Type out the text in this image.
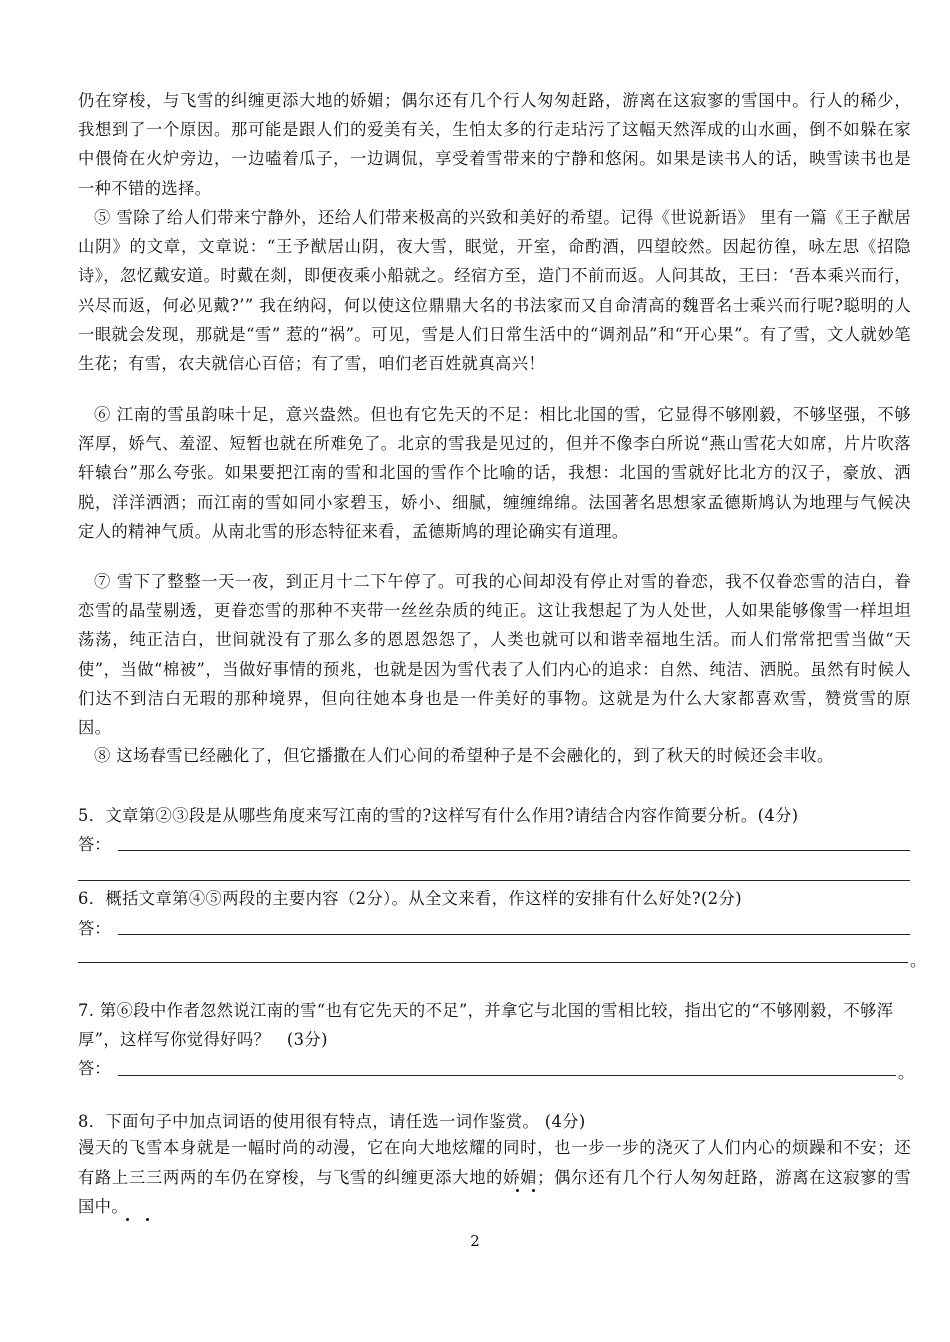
仍在穿梭，与飞雪的纠缠更添大地的娇媚；偶尔还有几个行人匆匆赶路，游离在这寂寥的雪国中。行人的稀少，我想到了一个原因。那可能是跟人们的爱美有关，生怕太多的行走玷污了这幅天然浑成的山水画，倒不如躲在家中偎倚在火炉旁边，一边嗑着瓜子，一边调侃，享受着雪带来的宁静和悠闲。如果是读书人的话，映雪读书也是一种不错的选择。

⑤ 雪除了给人们带来宁静外，还给人们带来极高的兴致和美好的希望。记得《世说新语》 里有一篇《王子猷居山阴》的文章，文章说：“王予猷居山阴，夜大雪，眠觉，开室，命酌酒，四望皎然。因起彷徨，咏左思《招隐诗》，忽忆戴安道。时戴在剡，即便夜乘小船就之。经宿方至，造门不前而返。人问其故，王曰：‘吾本乘兴而行，兴尽而返，何必见戴?’” 我在纳闷，何以使这位鼎鼎大名的书法家而又自命清高的魏晋名士乘兴而行呢?聪明的人一眼就会发现，那就是“雪” 惹的“祸”。可见，雪是人们日常生活中的“调剂品”和“开心果”。有了雪，文人就妙笔生花；有雪，农夫就信心百倍；有了雪，咱们老百姓就真高兴！

⑥ 江南的雪虽韵味十足，意兴盎然。但也有它先天的不足：相比北国的雪，它显得不够刚毅，不够坚强，不够浑厚，娇气、羞涩、短暂也就在所难免了。北京的雪我是见过的，但并不像李白所说“燕山雪花大如席，片片吹落轩辕台”那么夸张。如果要把江南的雪和北国的雪作个比喻的话，我想：北国的雪就好比北方的汉子，豪放、洒脱，洋洋洒洒；而江南的雪如同小家碧玉，娇小、细腻，缠缠绵绵。法国著名思想家孟德斯鸠认为地理与气候决定人的精神气质。从南北雪的形态特征来看，孟德斯鸠的理论确实有道理。

⑦ 雪下了整整一天一夜，到正月十二下午停了。可我的心间却没有停止对雪的眷恋，我不仅眷恋雪的洁白，眷恋雪的晶莹剔透，更眷恋雪的那种不夹带一丝丝杂质的纯正。这让我想起了为人处世，人如果能够像雪一样坦坦荡荡，纯正洁白，世间就没有了那么多的恩恩怨怨了，人类也就可以和谐幸福地生活。而人们常常把雪当做“天使”，当做“棉被”，当做好事情的预兆，也就是因为雪代表了人们内心的追求：自然、纯洁、洒脱。虽然有时候人们达不到洁白无瑕的那种境界，但向往她本身也是一件美好的事物。这就是为什么大家都喜欢雪，赞赏雪的原因。

⑧ 这场春雪已经融化了，但它播撒在人们心间的希望种子是不会融化的，到了秋天的时候还会丰收。

5．文章第②③段是从哪些角度来写江南的雪的?这样写有什么作用?请结合内容作简要分析。(4分)

答：

6．概括文章第④⑤两段的主要内容（2分）。从全文来看，作这样的安排有什么好处?(2分)

答：
。

7. 第⑥段中作者忽然说江南的雪“也有它先天的不足”，并拿它与北国的雪相比较，指出它的“不够刚毅，不够浑厚”，这样写你觉得好吗？　(3分)

答：	。

8．下面句子中加点词语的使用很有特点，请任选一词作鉴赏。 (4分)

漫天的飞雪本身就是一幅时尚的动漫，它在向大地炫耀的同时，也一步一步的浇灭了人们内心的烦躁和不安；还有路上三三两两的车仍在穿梭，与飞雪的纠缠更添大地的娇媚；偶尔还有几个行人匆匆赶路，游离在这寂寥的雪国中。

2
